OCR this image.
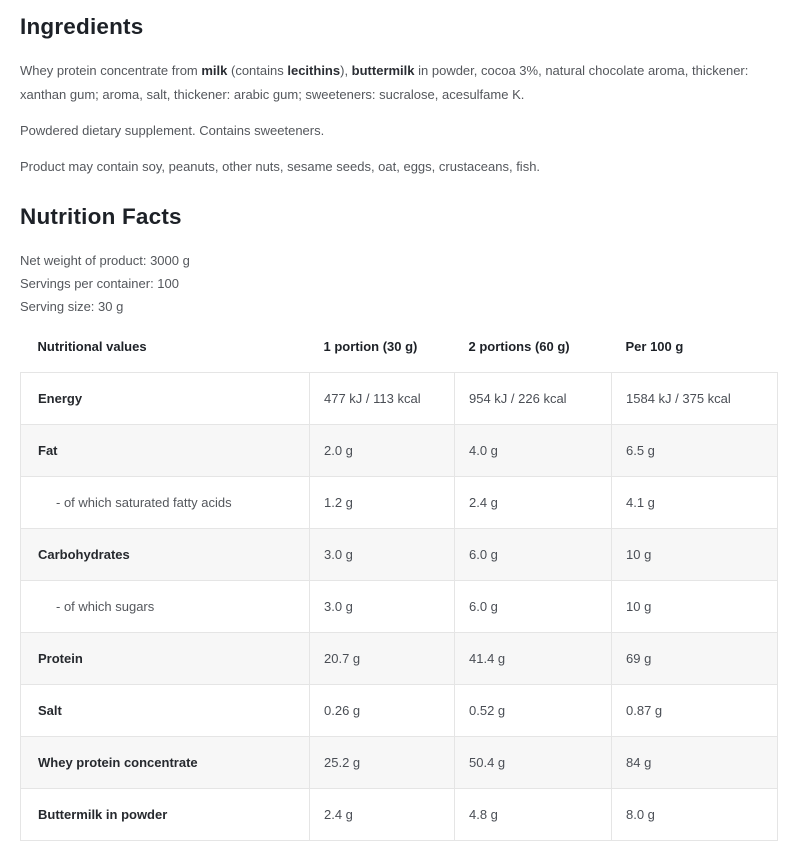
Ingredients

Whey protein concentrate from milk (contains lecithins), buttermilk in powder, cocoa 3%, natural chocolate aroma, thickener: xanthan gum; aroma, salt, thickener: arabic gum; sweeteners: sucralose, acesulfame K.

Powdered dietary supplement. Contains sweeteners.

Product may contain soy, peanuts, other nuts, sesame seeds, oat, eggs, crustaceans, fish.

Nutrition Facts
Net weight of product: 3000 g
Servings per container: 100
Serving size: 30 g
Nutritional values	1 portion (30 g)	2 portions (60 g)	Per 100 g
Energy	477 kJ / 113 kcal	954 kJ / 226 kcal	1584 kJ / 375 kcal
Fat	2.0 g	4.0 g	6.5 g
- of which saturated fatty acids	1.2 g	2.4 g	4.1 g
Carbohydrates	3.0 g	6.0 g	10 g
- of which sugars	3.0 g	6.0 g	10 g
Protein	20.7 g	41.4 g	69 g
Salt	0.26 g	0.52 g	0.87 g
Whey protein concentrate	25.2 g	50.4 g	84 g
Buttermilk in powder	2.4 g	4.8 g	8.0 g
